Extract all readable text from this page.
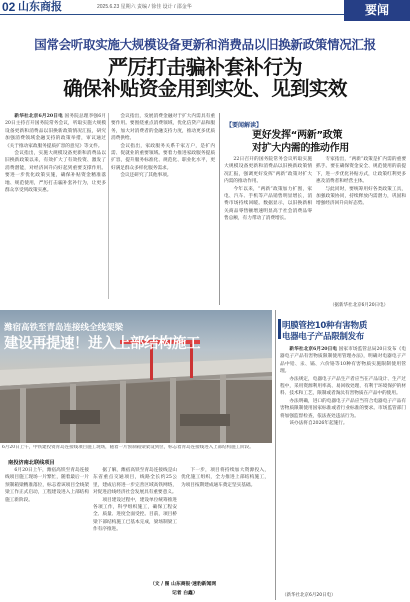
02 山东商报	2025.6.23 星期六 责编 / 徐佳 设计 / 邵金华	要闻
国常会听取实施大规模设备更新和消费品以旧换新政策情况汇报
严厉打击骗补套补行为
确保补贴资金用到实处、见到实效

新华社北京6月20日电 国务院总理李强6月20日主持召开国务院常务会议，听取实施大规模设备更新和消费品以旧换新政策情况汇报，研究加强消费领域金融支持的政策举措，审议通过《关于推动家政服务提质扩容的意见》等文件。

会议指出，实施大规模设备更新和消费品以旧换新政策以来，有效扩大了有效投资、激发了消费潜能，对经济回升向好起到重要支撑作用。要进一步优化政策实施，确保补贴资金精准落地、规范使用，严厉打击骗补套补行为，让更多群众享受到政策实惠。

会议指出，发展消费金融对于扩大内需具有重要作用。要围绕重点消费领域，优化信贷产品和服务，加大对消费者的金融支持力度，推动更多优质消费供给。

会议指出，家政服务关系千家万户，是扩内需、促就业的重要领域。要着力推进家政服务提质扩容，提升服务标准化、规范化、职业化水平，更好满足群众多样化服务需求。

会议还研究了其他事项。

【要闻解读】
更好发挥“两新”政策
对扩大内需的推动作用

22日召开的国务院常务会议听取实施大规模设备更新和消费品以旧换新政策情况汇报，强调更好发挥“两新”政策对扩大内需的推动作用。

今年以来，“两新”政策加力扩围，家电、汽车、手机等产品销售明显增长，消费市场持续回暖。数据显示，以旧换新相关商品零售额增速明显高于社会消费品零售总额，有力带动了消费增长。

专家指出，“两新”政策是扩内需的重要抓手。要在确保资金安全、规范使用的前提下，进一步优化补贴方式，让政策红利更多惠及消费者和经营主体。

与此同时，要统筹用好各类政策工具，加强政策协同，持续释放内需潜力，巩固和增强经济回升向好态势。

（据新华社北京6月20日电）
潍宿高铁至青岛连接线全线架梁
建设再提速！进入上部结构施工
6月20日上午，中铁建投资青岛连接线项目施工现场，随着一片预制箱梁架设到位，标志着青岛连接线进入上部结构施工阶段。
南投济南北联线项目

6月20日上午，潍宿高铁至青岛连接线项目施工现场一片繁忙，随着最后一片预制箱梁精准落位，标志着该项目全线架梁工作正式启动，工程建设进入上部结构施工新阶段。

据了解，潍宿高铁至青岛连接线是山东省重点交通项目，线路全长约25公里，建成后将进一步完善区域高铁网络，对促进沿线经济社会发展具有重要意义。

项目建设过程中，建设单位统筹推进各项工作，科学组织施工，确保工程安全、质量、进度全面受控。目前，项目桥梁下部结构施工已基本完成，梁场制梁工作有序推进。

下一步，项目将持续加大资源投入，优化施工组织，全力推进上部结构施工，为项目按期建成通车奠定坚实基础。

（文 / 图 山东商报·速豹新闻网
记者 白鑫）
明膜管控10种有害物质
电器电子产品限制发布

新华社北京6月20日电 国家市场监管总局20日发布《电器电子产品有害物质限制使用管理办法》，明确对电器电子产品中铅、汞、镉、六价铬等10种有害物质实施限制使用管理。

办法规定，电器电子产品生产者应当在产品设计、生产过程中，采用资源利用率高、易回收处理、有利于环境保护的材料、技术和工艺，限制或者淘汰有害物质在产品中的使用。

办法明确，进口的电器电子产品应当符合电器电子产品有害物质限制使用国家标准或者行业标准的要求。市场监管部门将加强监督检查，依法查处违法行为。

该办法将自2026年起施行。

（新华社北京6月20日电）
